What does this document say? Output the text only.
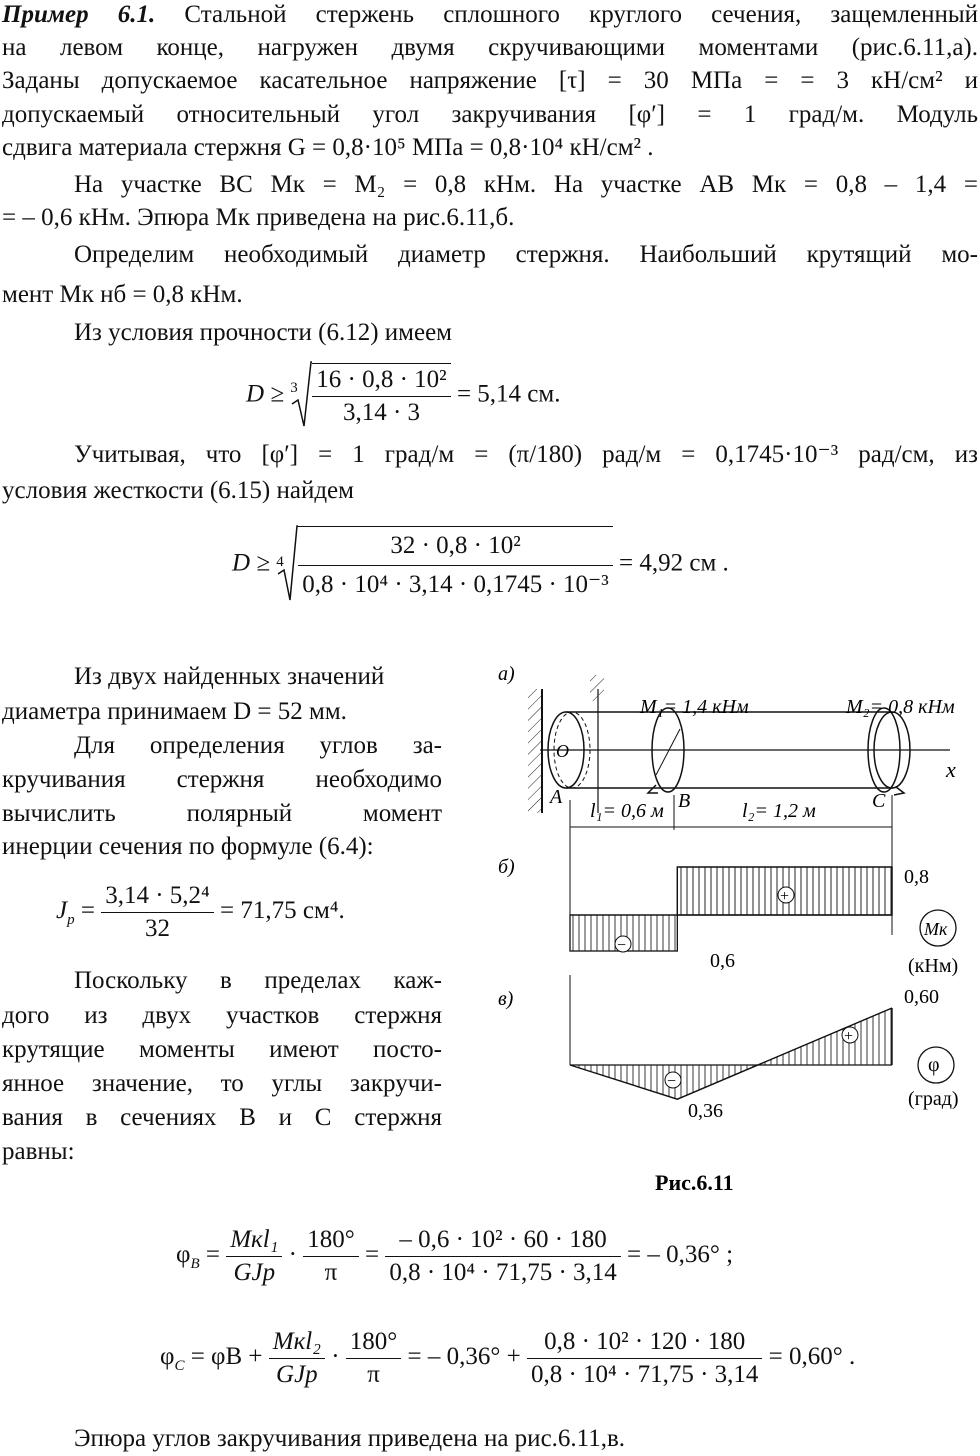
Пример 6.1. Стальной стержень сплошного круглого сечения, защемленный
на левом конце, нагружен двумя скручивающими моментами (рис.6.11,а).
Заданы допускаемое касательное напряжение [τ] = 30 МПа = = 3 кН/см² и
допускаемый относительный угол закручивания [φ′] = 1 град/м. Модуль
сдвига материала стержня G = 0,8·10⁵ МПа = 0,8·10⁴ кН/см² .
На участке BC Mк = M₂ = 0,8 кНм. На участке AB Mк = 0,8 – 1,4 =
= – 0,6 кНм. Эпюра Mк приведена на рис.6.11,б.
Определим необходимый диаметр стержня. Наибольший крутящий мо-
мент Mк нб = 0,8 кНм.
Из условия прочности (6.12) имеем
$D \ge 3 \frac{\text{16 · 0,8 · 10²}}{3,14 \cdot 3} = 5,14$ см.
Учитывая, что [φ′] = 1 град/м = (π/180) рад/м = 0,1745·10⁻³ рад/см, из
условия жесткости (6.15) найдем
$D \ge 4 \frac{\text{32 · 0,8 · 10²}}{\text{0,8 · 10⁴ · 3,14 · 0,1745 · 10⁻³}} = 4,92$ см .
Из двух найденных значений
диаметра принимаем D = 52 мм.
Для определения углов за-
кручивания стержня необходимо
вычислить полярный момент
инерции сечения по формуле (6.4):
$J_p = \frac{\text{3,14 · 5,2⁴}}{32} = 71,75$ см⁴.
Поскольку в пределах каж-
дого из двух участков стержня
крутящие моменты имеют посто-
янное значение, то углы закручи-
вания в сечениях B и C стержня
равны:
а)
x
O
A	B	C
M₁= 1,4 кНм	M₂= 0,8 кНм
l₁= 0,6 м	l₂= 1,2 м
б)
+
−
0,8
0,6
Mк
(кНм)
в)
+
−
0,60
0,36
φ
(град)
Рис.6.11
$\varphi_B = \frac{\text{Mкl₁}}{\text{GJp}} \cdot \frac{180^\circ}{\pi} = \frac{\text{– 0,6 · 10² · 60 · 180}}{\text{0,8 · 10⁴ · 71,75 · 3,14}}$ = – 0,36° ;
$\varphi_C = \varphi B + \frac{\text{Mкl₂}}{\text{GJp}} \cdot \frac{180^\circ}{\pi}$ = – $0,36^\circ + \frac{\text{0,8 · 10² · 120 · 180}}{\text{0,8 · 10⁴ · 71,75 · 3,14}} = 0,60^\circ$ .
Эпюра углов закручивания приведена на рис.6.11,в.
